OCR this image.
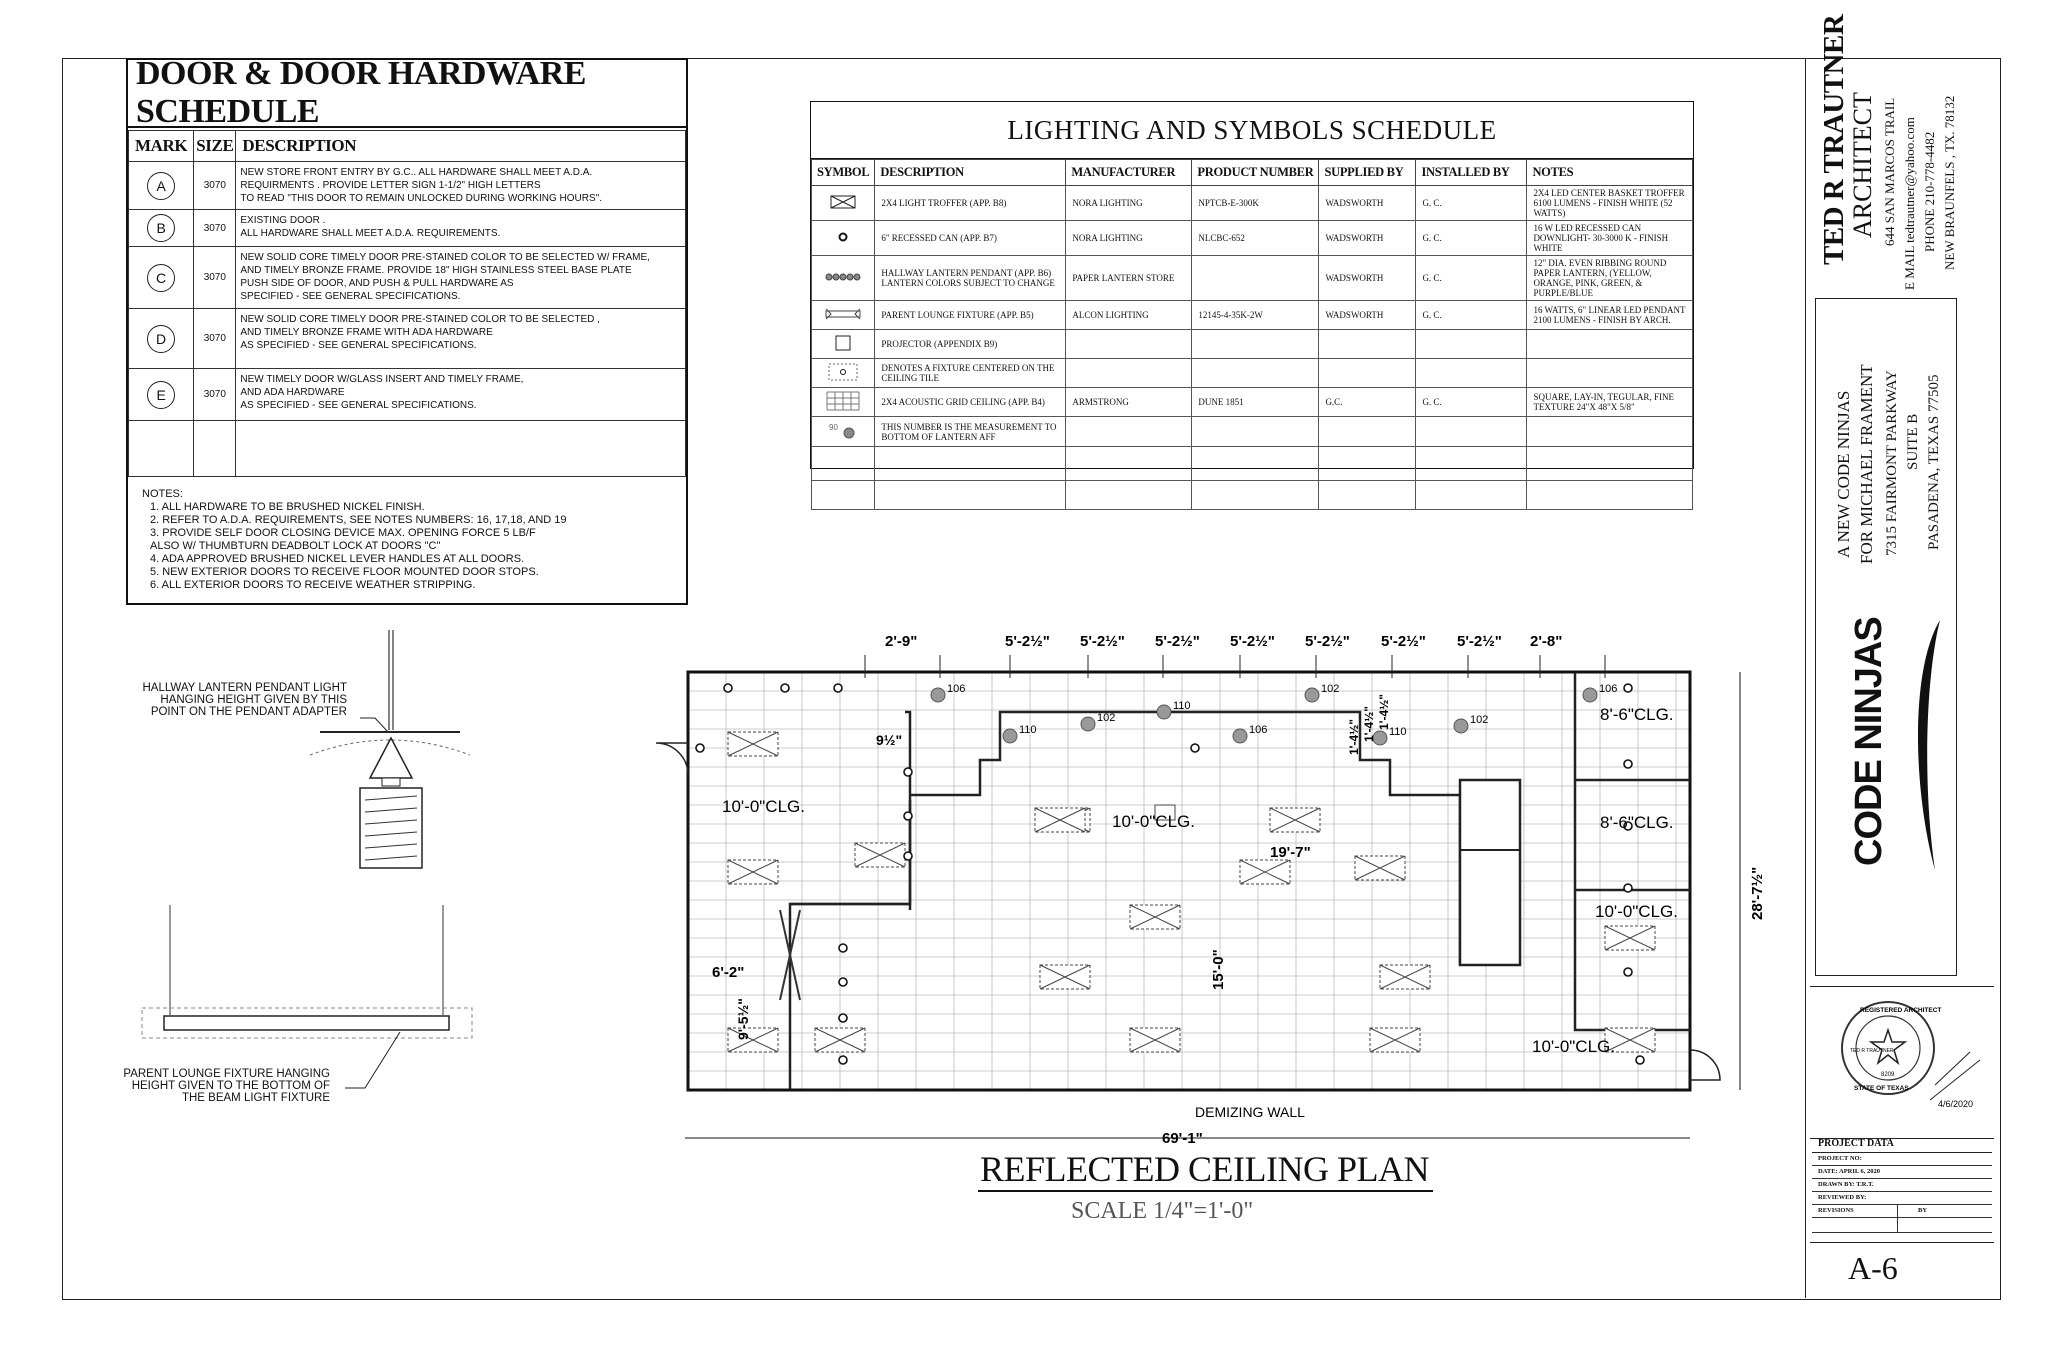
DOOR & DOOR HARDWARE SCHEDULE
MARK	SIZE	DESCRIPTION
A	3070	NEW STORE FRONT ENTRY BY G.C.. ALL HARDWARE SHALL MEET A.D.A.
REQUIRMENTS . PROVIDE LETTER SIGN 1-1/2" HIGH LETTERS
TO READ "THIS DOOR TO REMAIN UNLOCKED DURING WORKING HOURS".

B	3070	EXISTING DOOR .
ALL HARDWARE SHALL MEET A.D.A. REQUIREMENTS.

C	3070	NEW SOLID CORE TIMELY DOOR PRE-STAINED COLOR TO BE SELECTED W/ FRAME,
AND TIMELY BRONZE FRAME. PROVIDE 18" HIGH STAINLESS STEEL BASE PLATE
PUSH SIDE OF DOOR, AND PUSH & PULL HARDWARE AS
SPECIFIED - SEE GENERAL SPECIFICATIONS.

D	3070	NEW SOLID CORE TIMELY DOOR PRE-STAINED COLOR TO BE SELECTED ,
AND TIMELY BRONZE FRAME WITH ADA HARDWARE
AS SPECIFIED - SEE GENERAL SPECIFICATIONS.

E	3070	NEW TIMELY DOOR W/GLASS INSERT AND TIMELY FRAME,
AND ADA HARDWARE
AS SPECIFIED - SEE GENERAL SPECIFICATIONS.

NOTES:
1. ALL HARDWARE TO BE BRUSHED NICKEL FINISH.
2. REFER TO A.D.A. REQUIREMENTS, SEE NOTES NUMBERS: 16, 17,18, AND 19
3. PROVIDE SELF DOOR CLOSING DEVICE MAX. OPENING FORCE 5 LB/F
ALSO W/ THUMBTURN DEADBOLT LOCK AT DOORS "C"
4. ADA APPROVED BRUSHED NICKEL LEVER HANDLES AT ALL DOORS.
5. NEW EXTERIOR DOORS TO RECEIVE FLOOR MOUNTED DOOR STOPS.
6. ALL EXTERIOR DOORS TO RECEIVE WEATHER STRIPPING.
LIGHTING AND SYMBOLS SCHEDULE
SYMBOL	DESCRIPTION	MANUFACTURER	PRODUCT NUMBER	SUPPLIED BY	INSTALLED BY	NOTES
	2X4 LIGHT TROFFER (APP. B8)	NORA LIGHTING	NPTCB-E-300K	WADSWORTH	G. C.	2X4 LED CENTER BASKET TROFFER 6100 LUMENS - FINISH WHITE (52 WATTS)
	6" RECESSED CAN (APP. B7)	NORA LIGHTING	NLCBC-652	WADSWORTH	G. C.	16 W LED RECESSED CAN DOWNLIGHT- 30-3000 K - FINISH WHITE
	HALLWAY LANTERN PENDANT (APP. B6) LANTERN COLORS SUBJECT TO CHANGE	PAPER LANTERN STORE		WADSWORTH	G. C.	12" DIA. EVEN RIBBING ROUND PAPER LANTERN, (YELLOW, ORANGE, PINK, GREEN, & PURPLE/BLUE
	PARENT LOUNGE FIXTURE (APP. B5)	ALCON LIGHTING	12145-4-35K-2W	WADSWORTH	G. C.	16 WATTS, 6" LINEAR LED PENDANT 2100 LUMENS - FINISH BY ARCH.
	PROJECTOR (APPENDIX B9)					
	DENOTES A FIXTURE CENTERED ON THE CEILING TILE					
	2X4 ACOUSTIC GRID CEILING (APP. B4)	ARMSTRONG	DUNE 1851	G.C.	G. C.	SQUARE, LAY-IN, TEGULAR, FINE TEXTURE 24"X 48"X 5/8"

90	THIS NUMBER IS THE MEASUREMENT TO BOTTOM OF LANTERN AFF					

HALLWAY LANTERN PENDANT LIGHT
HANGING HEIGHT GIVEN BY THIS
POINT ON THE PENDANT ADAPTER
PARENT LOUNGE FIXTURE HANGING
HEIGHT GIVEN TO THE BOTTOM OF
THE BEAM LIGHT FIXTURE
106
102
110
102
110	106
102
110
106
2'-9"	5'-2½" 5'-2½" 5'-2½" 5'-2½" 5'-2½" 5'-2½" 5'-2½" 2'-8"
69'-1"
DEMIZING WALL
28'-7½"
19'-7"
15'-0"
6'-2"
9'-5½"
9½"	1'-4½" 1'-4½" 1'-4½"
10'-0"CLG.
10'-0"CLG.
8'-6"CLG.
8'-6"CLG.
10'-0"CLG.
10'-0"CLG.
REFLECTED CEILING PLAN
SCALE 1/4"=1'-0"
TED R TRAUTNER
ARCHITECT 644 SAN MARCOS TRAIL E MAIL tedtrautner@yahoo.com PHONE 210-778-4482 NEW BRAUNFELS , TX. 78132
A NEW CODE NINJAS FOR MICHAEL FRAMENT 7315 FAIRMONT PARKWAY SUITE B PASADENA, TEXAS 77505
CODE NINJAS
4/6/2020
REGISTERED ARCHITECT
STATE OF TEXAS
TED R TRAUTNER
8209
PROJECT DATA
PROJECT NO:
DATE: APRIL 6, 2020
DRAWN BY: T.R.T.
REVIEWED BY:
REVISIONS	BY
A-6
